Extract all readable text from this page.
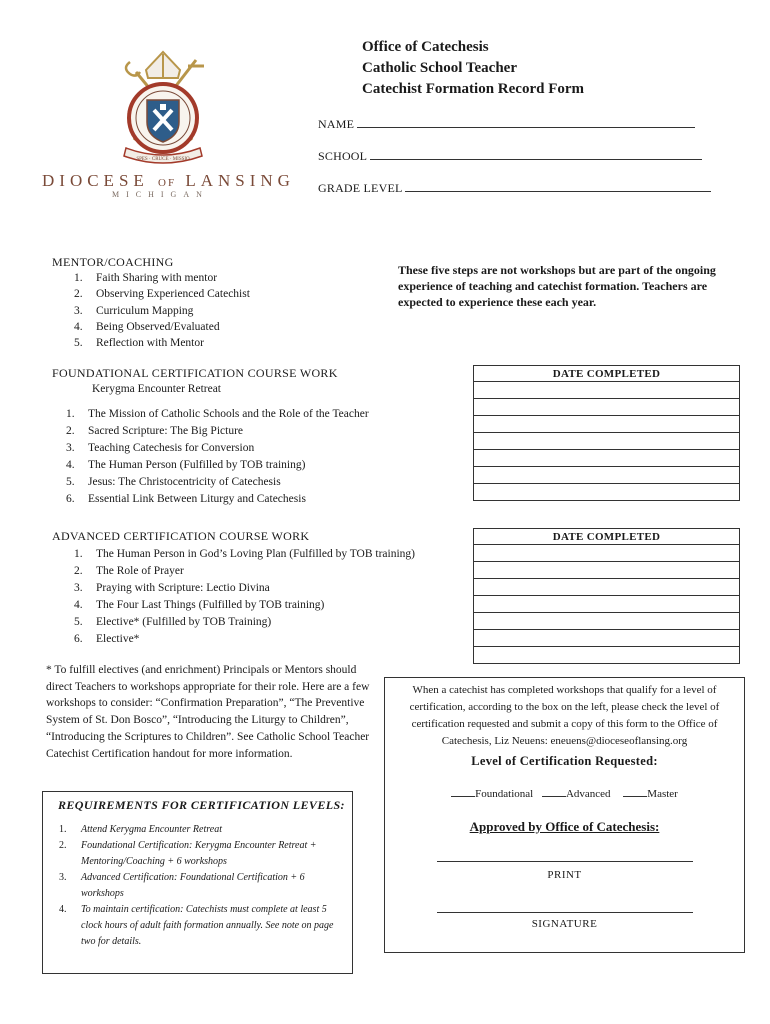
SPES · CRUCE · MISSIO
DIOCESE OF LANSING
MICHIGAN
Office of Catechesis
Catholic School Teacher
Catechist Formation Record Form
NAME
SCHOOL
GRADE LEVEL
MENTOR/COACHING
1.	Faith Sharing with mentor
2.	Observing Experienced Catechist
3.	Curriculum Mapping
4.	Being Observed/Evaluated
5.	Reflection with Mentor
These five steps are not workshops but are part of the ongoing experience of teaching and catechist formation. Teachers are expected to experience these each year.
FOUNDATIONAL CERTIFICATION COURSE WORK
Kerygma Encounter Retreat
1.	The Mission of Catholic Schools and the Role of the Teacher
2.	Sacred Scripture: The Big Picture
3.	Teaching Catechesis for Conversion
4.	The Human Person (Fulfilled by TOB training)
5.	Jesus: The Christocentricity of Catechesis
6.	Essential Link Between Liturgy and Catechesis
DATE COMPLETED

ADVANCED CERTIFICATION COURSE WORK
1.	The Human Person in God’s Loving Plan (Fulfilled by TOB training)
2.	The Role of Prayer
3.	Praying with Scripture: Lectio Divina
4.	The Four Last Things (Fulfilled by TOB training)
5.	Elective* (Fulfilled by TOB Training)
6.	Elective*
DATE COMPLETED

* To fulfill electives (and enrichment) Principals or Mentors should direct Teachers to workshops appropriate for their role. Here are a few workshops to consider: “Confirmation Preparation”, “The Preventive System of St. Don Bosco”, “Introducing the Liturgy to Children”, “Introducing the Scriptures to Children”. See Catholic School Teacher Catechist Certification handout for more information.
REQUIREMENTS FOR CERTIFICATION LEVELS:
1.	Attend Kerygma Encounter Retreat
2.	Foundational Certification: Kerygma Encounter Retreat + Mentoring/Coaching + 6 workshops
3.	Advanced Certification: Foundational Certification + 6 workshops
4.	To maintain certification: Catechists must complete at least 5 clock hours of adult faith formation annually. See note on page two for details.
When a catechist has completed workshops that qualify for a level of certification, according to the box on the left, please check the level of certification requested and submit a copy of this form to the Office of Catechesis, Liz Neuens: eneuens@dioceseoflansing.org
Level of Certification Requested:
Foundational	Advanced	Master
Approved by Office of Catechesis:
PRINT
SIGNATURE
